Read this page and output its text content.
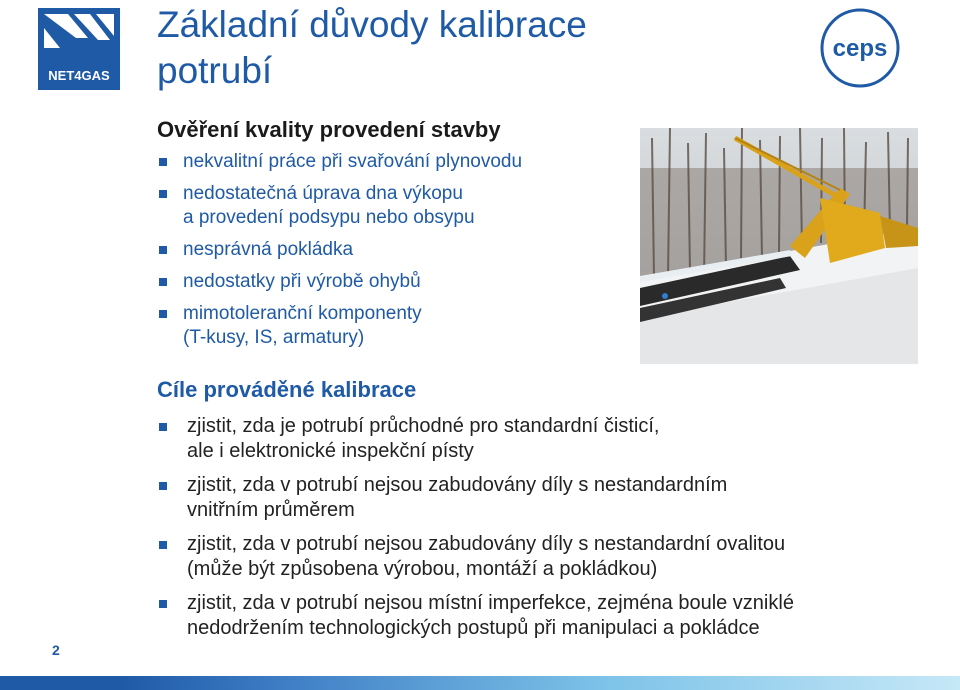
NET4GAS
Základní důvody kalibrace
potrubí
ceps
Ověření kvality provedení stavby
nekvalitní práce při svařování plynovodu
nedostatečná úprava dna výkopu
a provedení podsypu nebo obsypu
nesprávná pokládka
nedostatky při výrobě ohybů
mimotoleranční komponenty
(T-kusy, IS, armatury)
Cíle prováděné kalibrace
zjistit, zda je potrubí průchodné pro standardní čisticí,
ale i elektronické inspekční písty
zjistit, zda v potrubí nejsou zabudovány díly s nestandardním
vnitřním průměrem
zjistit, zda v potrubí nejsou zabudovány díly s nestandardní ovalitou
(může být způsobena výrobou, montáží a pokládkou)
zjistit, zda v potrubí nejsou místní imperfekce, zejména boule vzniklé
nedodržením technologických postupů při manipulaci a pokládce
2
